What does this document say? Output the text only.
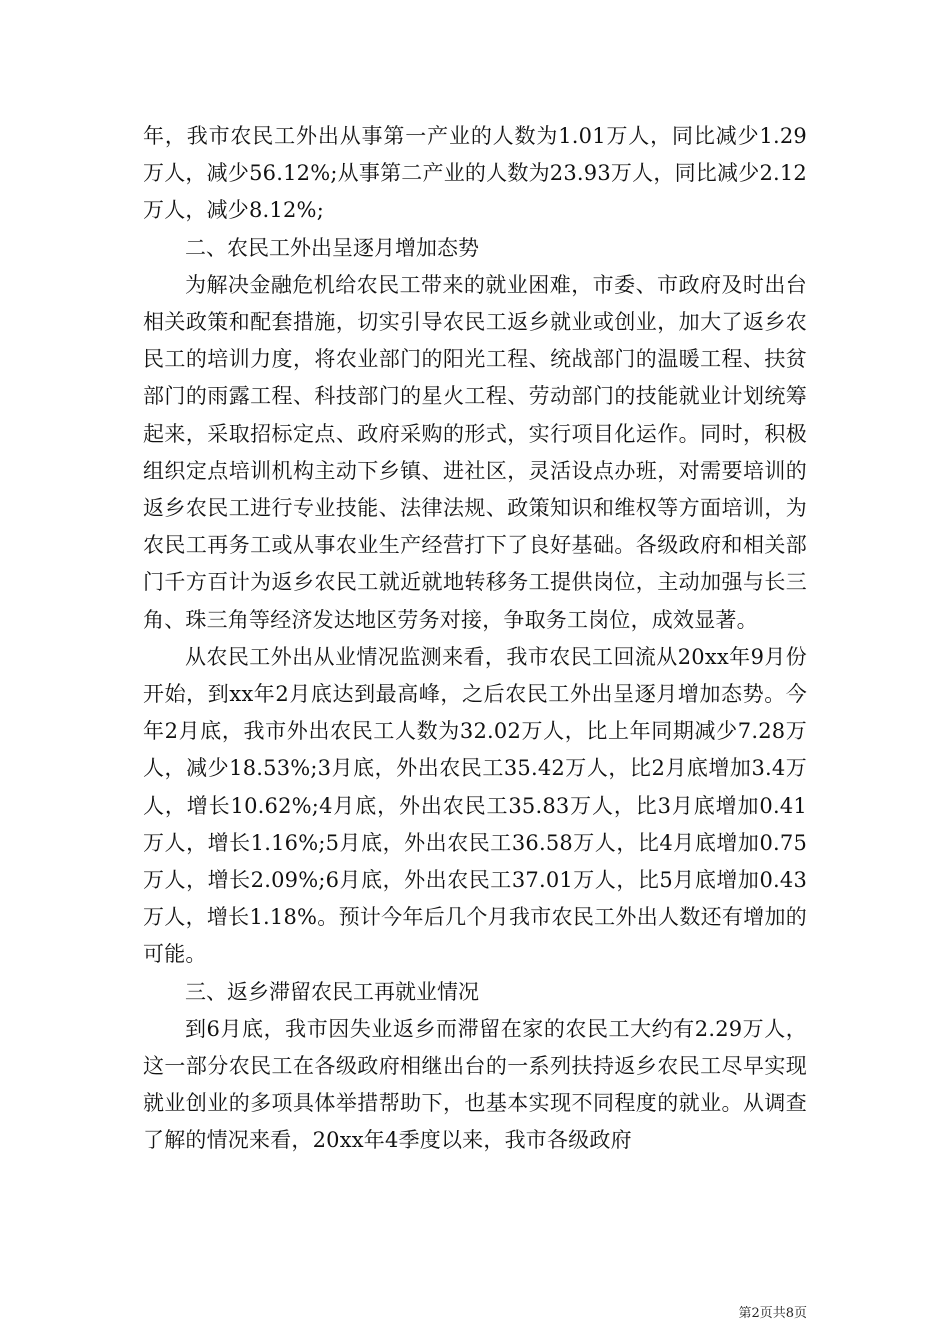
年，我市农民工外出从事第一产业的人数为1.01万人，同比减少1.29万人，减少56.12%;从事第二产业的人数为23.93万人，同比减少2.12万人，减少8.12%;

二、农民工外出呈逐月增加态势

为解决金融危机给农民工带来的就业困难，市委、市政府及时出台相关政策和配套措施，切实引导农民工返乡就业或创业，加大了返乡农民工的培训力度，将农业部门的阳光工程、统战部门的温暖工程、扶贫部门的雨露工程、科技部门的星火工程、劳动部门的技能就业计划统筹起来，采取招标定点、政府采购的形式，实行项目化运作。同时，积极组织定点培训机构主动下乡镇、进社区，灵活设点办班，对需要培训的返乡农民工进行专业技能、法律法规、政策知识和维权等方面培训，为农民工再务工或从事农业生产经营打下了良好基础。各级政府和相关部门千方百计为返乡农民工就近就地转移务工提供岗位，主动加强与长三角、珠三角等经济发达地区劳务对接，争取务工岗位，成效显著。

从农民工外出从业情况监测来看，我市农民工回流从20xx年9月份开始，到xx年2月底达到最高峰，之后农民工外出呈逐月增加态势。今年2月底，我市外出农民工人数为32.02万人，比上年同期减少7.28万人，减少18.53%;3月底，外出农民工35.42万人，比2月底增加3.4万人，增长10.62%;4月底，外出农民工35.83万人，比3月底增加0.41万人，增长1.16%;5月底，外出农民工36.58万人，比4月底增加0.75万人，增长2.09%;6月底，外出农民工37.01万人，比5月底增加0.43万人，增长1.18%。预计今年后几个月我市农民工外出人数还有增加的可能。

三、返乡滞留农民工再就业情况

到6月底，我市因失业返乡而滞留在家的农民工大约有2.29万人，这一部分农民工在各级政府相继出台的一系列扶持返乡农民工尽早实现就业创业的多项具体举措帮助下，也基本实现不同程度的就业。从调查了解的情况来看，20xx年4季度以来，我市各级政府

第2页共8页
